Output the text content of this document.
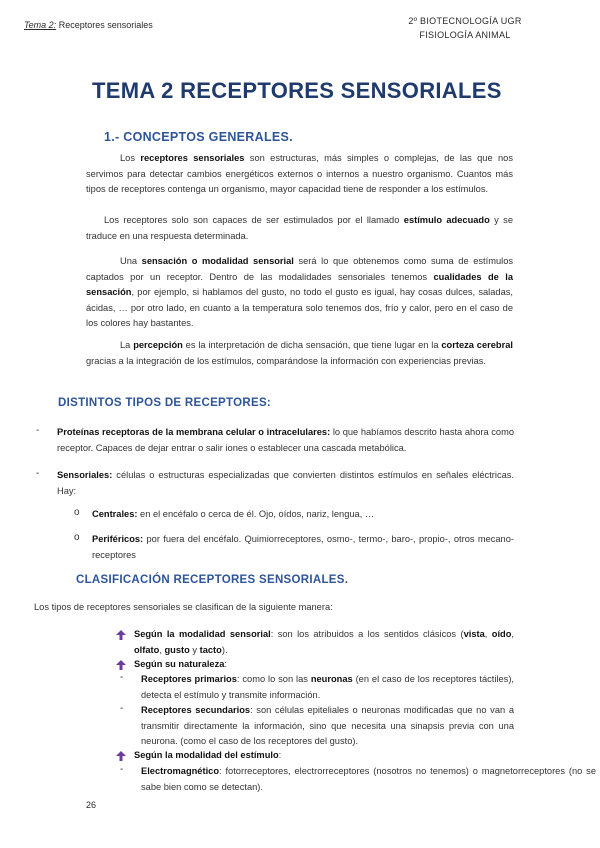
Tema 2: Receptores sensoriales	2º BIOTECNOLOGÍA UGR
FISIOLOGÍA ANIMAL
TEMA 2 RECEPTORES SENSORIALES
1.- CONCEPTOS GENERALES.
Los receptores sensoriales son estructuras, más simples o complejas, de las que nos servimos para detectar cambios energéticos externos o internos a nuestro organismo. Cuantos más tipos de receptores contenga un organismo, mayor capacidad tiene de responder a los estímulos.
Los receptores solo son capaces de ser estimulados por el llamado estímulo adecuado y se traduce en una respuesta determinada.
Una sensación o modalidad sensorial será lo que obtenemos como suma de estímulos captados por un receptor. Dentro de las modalidades sensoriales tenemos cualidades de la sensación, por ejemplo, si hablamos del gusto, no todo el gusto es igual, hay cosas dulces, saladas, ácidas, … por otro lado, en cuanto a la temperatura solo tenemos dos, frío y calor, pero en el caso de los colores hay bastantes.
La percepción es la interpretación de dicha sensación, que tiene lugar en la corteza cerebral gracias a la integración de los estímulos, comparándose la información con experiencias previas.
DISTINTOS TIPOS DE RECEPTORES:
- Proteínas receptoras de la membrana celular o intracelulares: lo que habíamos descrito hasta ahora como receptor. Capaces de dejar entrar o salir iones o establecer una cascada metabólica.
- Sensoriales: células o estructuras especializadas que convierten distintos estímulos en señales eléctricas. Hay:
o Centrales: en el encéfalo o cerca de él. Ojo, oídos, nariz, lengua, …
o Periféricos: por fuera del encéfalo. Quimiorreceptores, osmo-, termo-, baro-, propio-, otros mecano- receptores
CLASIFICACIÓN RECEPTORES SENSORIALES.
Los tipos de receptores sensoriales se clasifican de la siguiente manera:
Según la modalidad sensorial: son los atribuidos a los sentidos clásicos (vista, oído, olfato, gusto y tacto).
Según su naturaleza:
- Receptores primarios: como lo son las neuronas (en el caso de los receptores táctiles), detecta el estímulo y transmite información.
- Receptores secundarios: son células epiteliales o neuronas modificadas que no van a transmitir directamente la información, sino que necesita una sinapsis previa con una neurona. (como el caso de los receptores del gusto).
Según la modalidad del estímulo:
- Electromagnético: fotorreceptores, electrorreceptores (nosotros no tenemos) o magnetorreceptores (no se sabe bien como se detectan).
26
